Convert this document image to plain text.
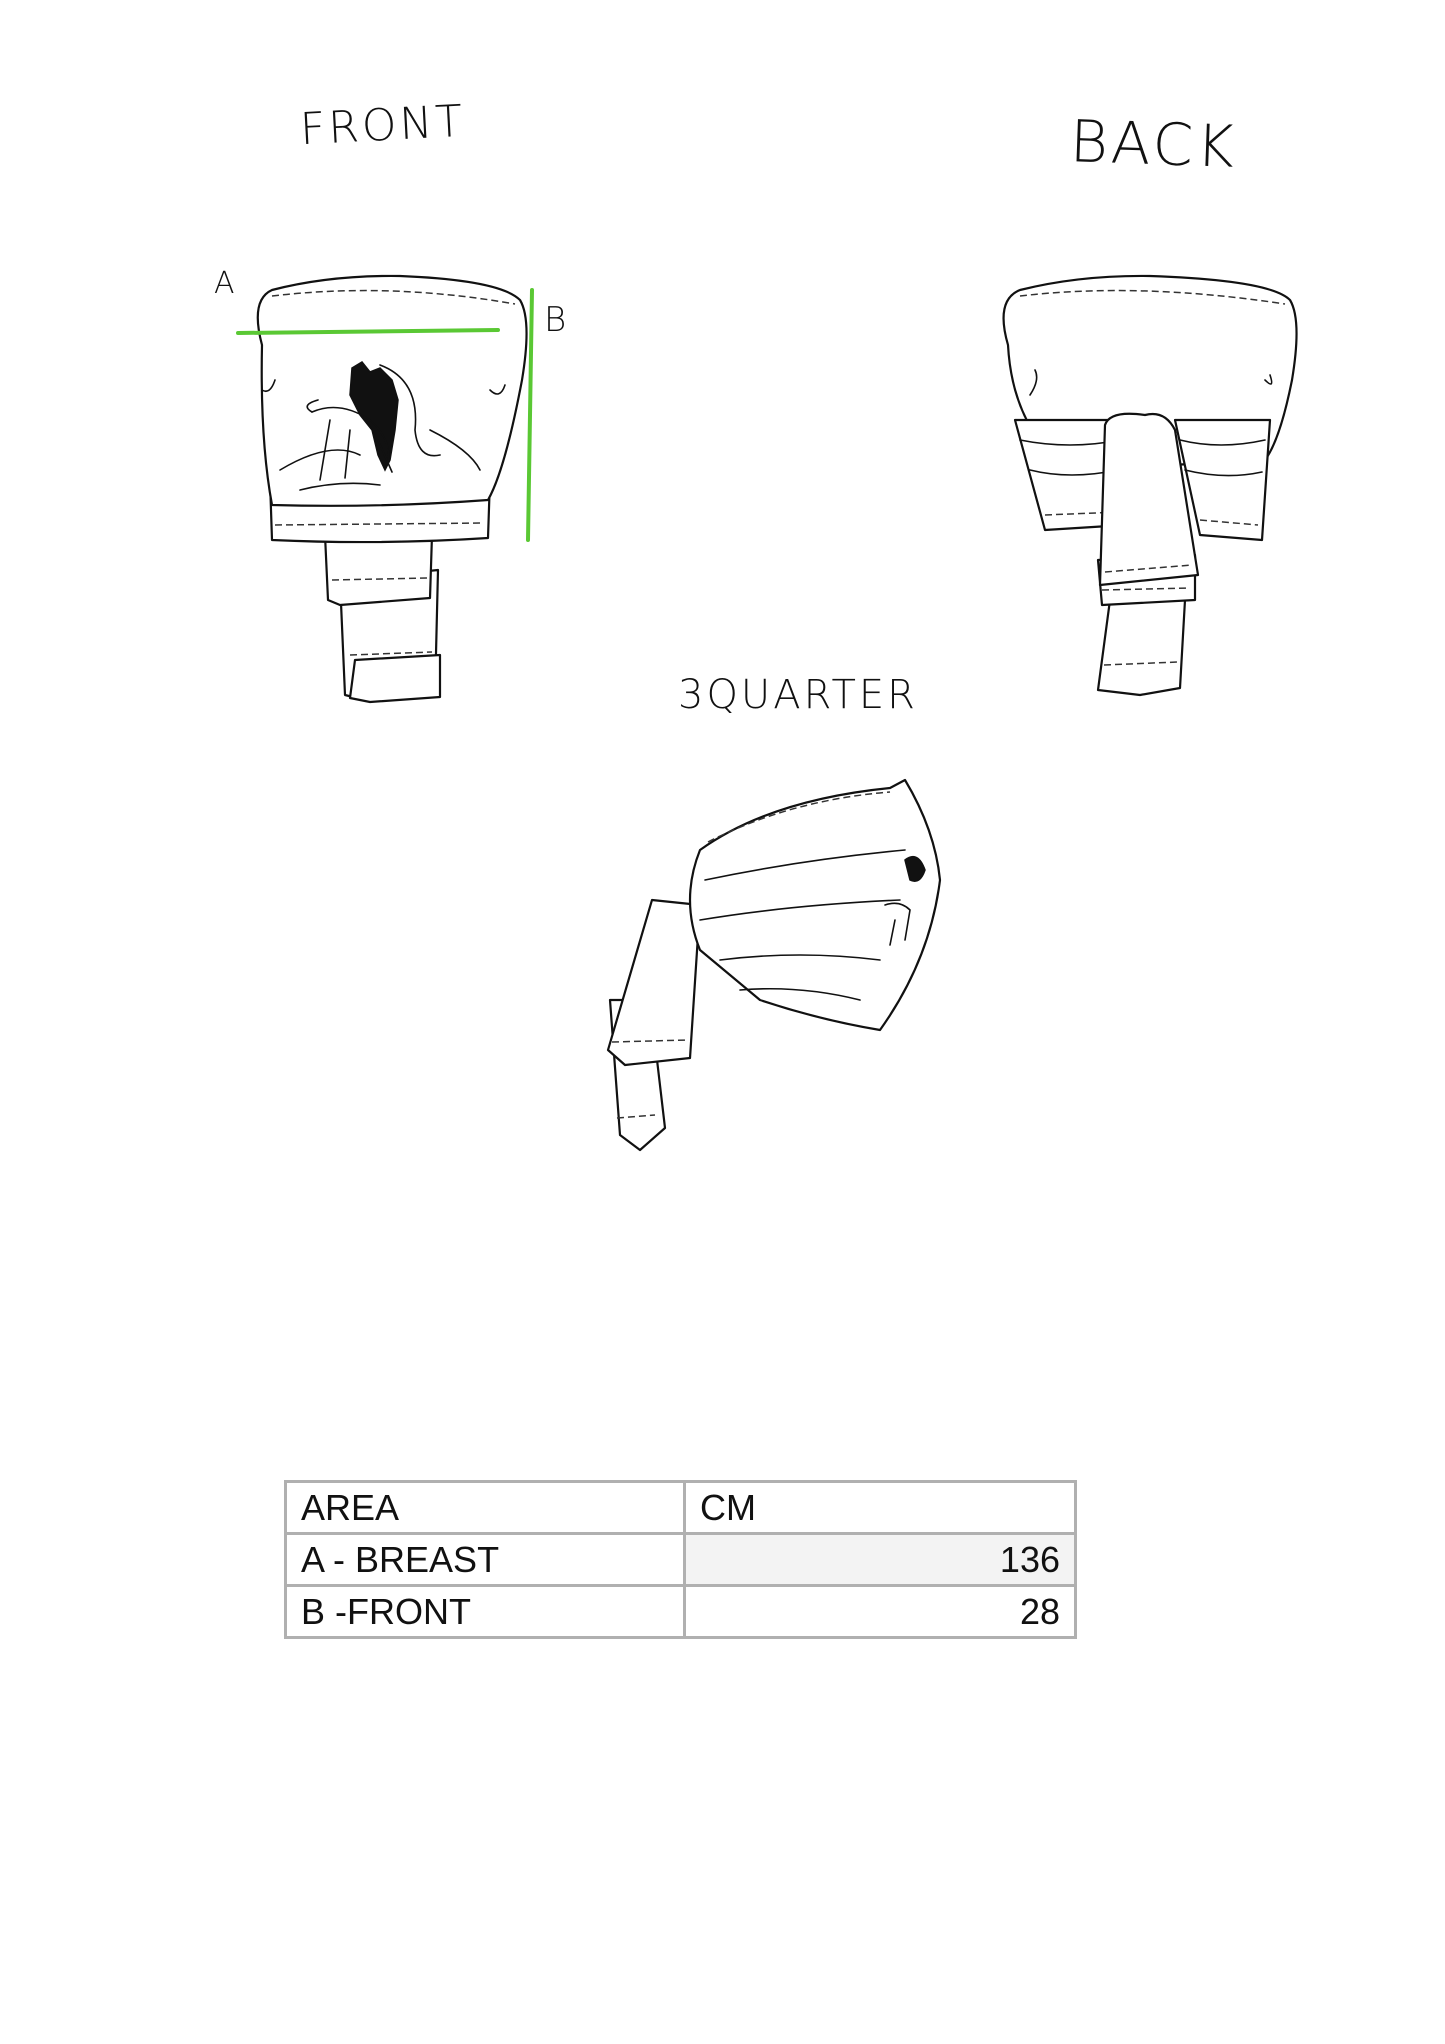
FRONT	BACK
3QUARTER
A
B
AREA	CM
A - BREAST	136
B -FRONT	28
